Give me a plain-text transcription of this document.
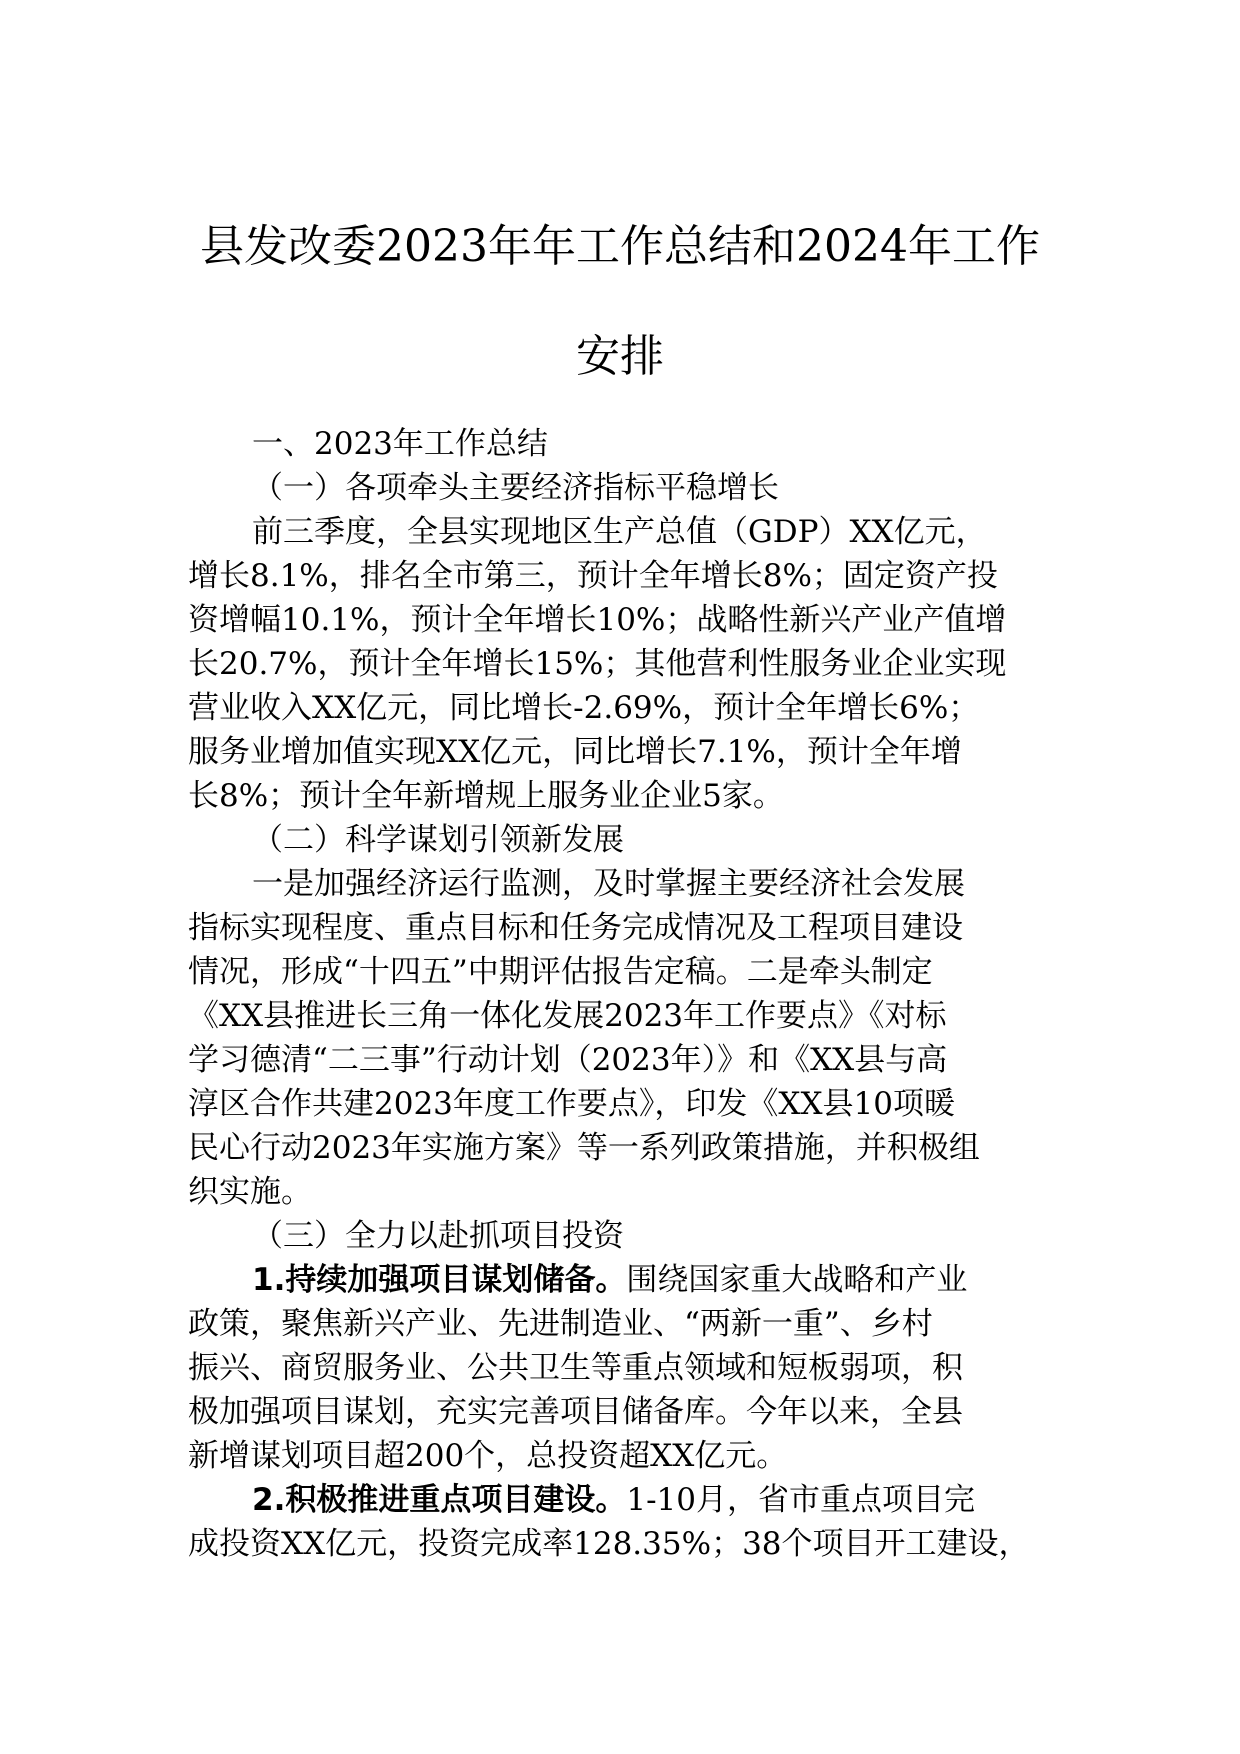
县发改委2023年年工作总结和2024年工作
安排
一、2023年工作总结
（一）各项牵头主要经济指标平稳增长
前三季度，全县实现地区生产总值（GDP）XX亿元，
增长8.1%，排名全市第三，预计全年增长8%；固定资产投
资增幅10.1%，预计全年增长10%；战略性新兴产业产值增
长20.7%，预计全年增长15%；其他营利性服务业企业实现
营业收入XX亿元，同比增长-2.69%，预计全年增长6%；
服务业增加值实现XX亿元，同比增长7.1%，预计全年增
长8%；预计全年新增规上服务业企业5家。
（二）科学谋划引领新发展
一是加强经济运行监测，及时掌握主要经济社会发展
指标实现程度、重点目标和任务完成情况及工程项目建设
情况，形成“十四五”中期评估报告定稿。二是牵头制定
《XX县推进长三角一体化发展2023年工作要点》《对标
学习德清“二三事”行动计划（2023年）》和《XX县与高
淳区合作共建2023年度工作要点》，印发《XX县10项暖
民心行动2023年实施方案》等一系列政策措施，并积极组
织实施。
（三）全力以赴抓项目投资
1.持续加强项目谋划储备。围绕国家重大战略和产业
政策，聚焦新兴产业、先进制造业、“两新一重”、乡村
振兴、商贸服务业、公共卫生等重点领域和短板弱项，积
极加强项目谋划，充实完善项目储备库。今年以来，全县
新增谋划项目超200个，总投资超XX亿元。
2.积极推进重点项目建设。1-10月，省市重点项目完
成投资XX亿元，投资完成率128.35%；38个项目开工建设，
